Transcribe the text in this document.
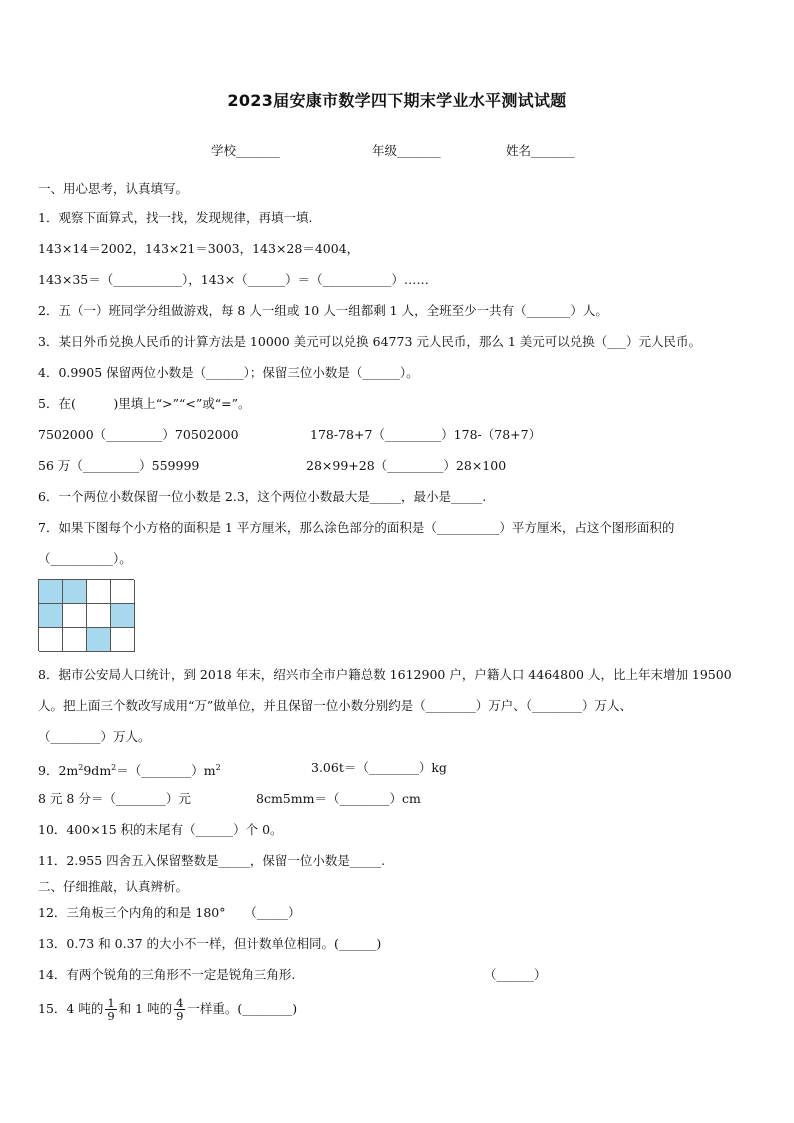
2023届安康市数学四下期末学业水平测试试题
学校_______	年级_______	姓名_______
一、用心思考，认真填写。
1．观察下面算式，找一找，发现规律，再填一填.
143×14＝2002，143×21＝3003，143×28＝4004，
143×35＝（___________），143×（______）＝（___________）……
2．五（一）班同学分组做游戏，每 8 人一组或 10 人一组都剩 1 人，全班至少一共有（_______）人。
3．某日外币兑换人民币的计算方法是 10000 美元可以兑换 64773 元人民币，那么 1 美元可以兑换（___）元人民币。
4．0.9905 保留两位小数是（______）；保留三位小数是（______）。
5．在(　　　)里填上“>”“<”或“=”。
7502000（_________）70502000	178-78+7（_________）178-（78+7）
56 万（_________）559999	28×99+28（_________）28×100
6．一个两位小数保留一位小数是 2.3，这个两位小数最大是_____，最小是_____.
7．如果下图每个小方格的面积是 1 平方厘米，那么涂色部分的面积是（__________）平方厘米，占这个图形面积的
（__________）。
8．据市公安局人口统计，到 2018 年末，绍兴市全市户籍总数 1612900 户，户籍人口 4464800 人，比上年末增加 19500
人。把上面三个数改写成用“万”做单位，并且保留一位小数分别约是（________）万户、（________）万人、
（________）万人。
9．$2m^29dm^2=(\_\_\_\_\_\_\_\_)m^2$	3.06t＝（________）kg
8 元 8 分＝（________）元	8cm5mm＝（________）cm
10．400×15 积的末尾有（______）个 0。
11．2.955 四舍五入保留整数是_____，保留一位小数是_____.
二、仔细推敲，认真辨析。
12．三角板三个内角的和是 180°　　（_____）
13．0.73 和 0.37 的大小不一样，但计数单位相同。(______)
14．有两个锐角的三角形不一定是锐角三角形.	（______）
15．4 吨的 $\frac{1}{9}$ 和 1 吨的 $\frac{4}{9}$ 一样重。(________)
